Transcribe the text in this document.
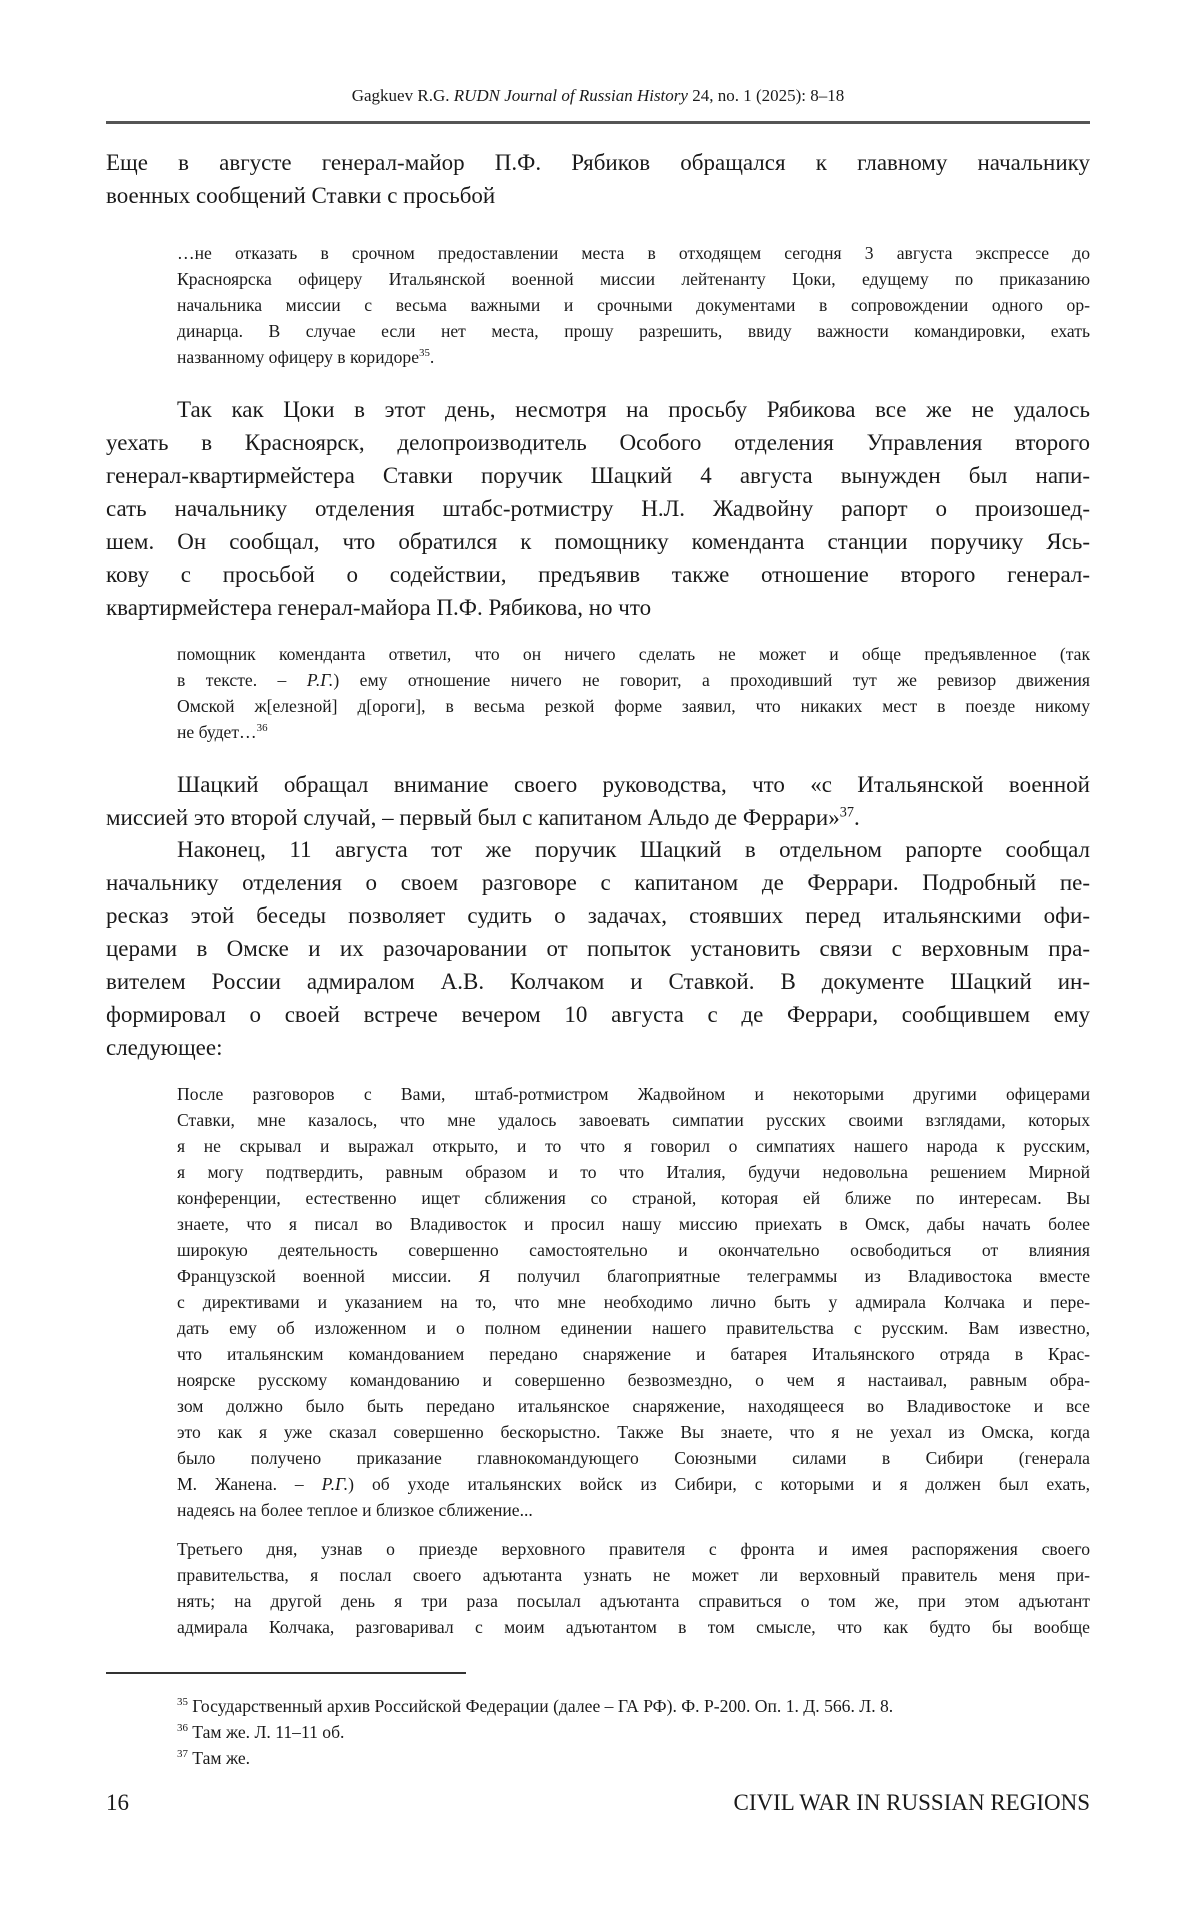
Gagkuev R.G. RUDN Journal of Russian History 24, no. 1 (2025): 8–18
Еще в августе генерал-майор П.Ф. Рябиков обращался к главному начальнику
военных сообщений Ставки с просьбой
…не отказать в срочном предоставлении места в отходящем сегодня 3 августа экспрессе до
Красноярска офицеру Итальянской военной миссии лейтенанту Цоки, едущему по приказанию
начальника миссии с весьма важными и срочными документами в сопровождении одного ор-
динарца. В случае если нет места, прошу разрешить, ввиду важности командировки, ехать
названному офицеру в коридоре35.
Так как Цоки в этот день, несмотря на просьбу Рябикова все же не удалось
уехать в Красноярск, делопроизводитель Особого отделения Управления второго
генерал-квартирмейстера Ставки поручик Шацкий 4 августа вынужден был напи-
сать начальнику отделения штабс-ротмистру Н.Л. Жадвойну рапорт о произошед-
шем. Он сообщал, что обратился к помощнику коменданта станции поручику Ясь-
кову с просьбой о содействии, предъявив также отношение второго генерал-
квартирмейстера генерал-майора П.Ф. Рябикова, но что
помощник коменданта ответил, что он ничего сделать не может и обще предъявленное (так
в тексте. – Р.Г.) ему отношение ничего не говорит, а проходивший тут же ревизор движения
Омской ж[елезной] д[ороги], в весьма резкой форме заявил, что никаких мест в поезде никому
не будет…36
Шацкий обращал внимание своего руководства, что «с Итальянской военной
миссией это второй случай, – первый был с капитаном Альдо де Феррари»37.
Наконец, 11 августа тот же поручик Шацкий в отдельном рапорте сообщал
начальнику отделения о своем разговоре с капитаном де Феррари. Подробный пе-
ресказ этой беседы позволяет судить о задачах, стоявших перед итальянскими офи-
церами в Омске и их разочаровании от попыток установить связи с верховным пра-
вителем России адмиралом А.В. Колчаком и Ставкой. В документе Шацкий ин-
формировал о своей встрече вечером 10 августа с де Феррари, сообщившем ему
следующее:
После разговоров с Вами, штаб-ротмистром Жадвойном и некоторыми другими офицерами
Ставки, мне казалось, что мне удалось завоевать симпатии русских своими взглядами, которых
я не скрывал и выражал открыто, и то что я говорил о симпатиях нашего народа к русским,
я могу подтвердить, равным образом и то что Италия, будучи недовольна решением Мирной
конференции, естественно ищет сближения со страной, которая ей ближе по интересам. Вы
знаете, что я писал во Владивосток и просил нашу миссию приехать в Омск, дабы начать более
широкую деятельность совершенно самостоятельно и окончательно освободиться от влияния
Французской военной миссии. Я получил благоприятные телеграммы из Владивостока вместе
с директивами и указанием на то, что мне необходимо лично быть у адмирала Колчака и пере-
дать ему об изложенном и о полном единении нашего правительства с русским. Вам известно,
что итальянским командованием передано снаряжение и батарея Итальянского отряда в Крас-
ноярске русскому командованию и совершенно безвозмездно, о чем я настаивал, равным обра-
зом должно было быть передано итальянское снаряжение, находящееся во Владивостоке и все
это как я уже сказал совершенно бескорыстно. Также Вы знаете, что я не уехал из Омска, когда
было получено приказание главнокомандующего Союзными силами в Сибири (генерала
М. Жанена. – Р.Г.) об уходе итальянских войск из Сибири, с которыми и я должен был ехать,
надеясь на более теплое и близкое сближение...
Третьего дня, узнав о приезде верховного правителя с фронта и имея распоряжения своего
правительства, я послал своего адъютанта узнать не может ли верховный правитель меня при-
нять; на другой день я три раза посылал адъютанта справиться о том же, при этом адъютант
адмирала Колчака, разговаривал с моим адъютантом в том смысле, что как будто бы вообще
35 Государственный архив Российской Федерации (далее – ГА РФ). Ф. Р-200. Оп. 1. Д. 566. Л. 8.
36 Там же. Л. 11–11 об.
37 Там же.
16	CIVIL WAR IN RUSSIAN REGIONS
